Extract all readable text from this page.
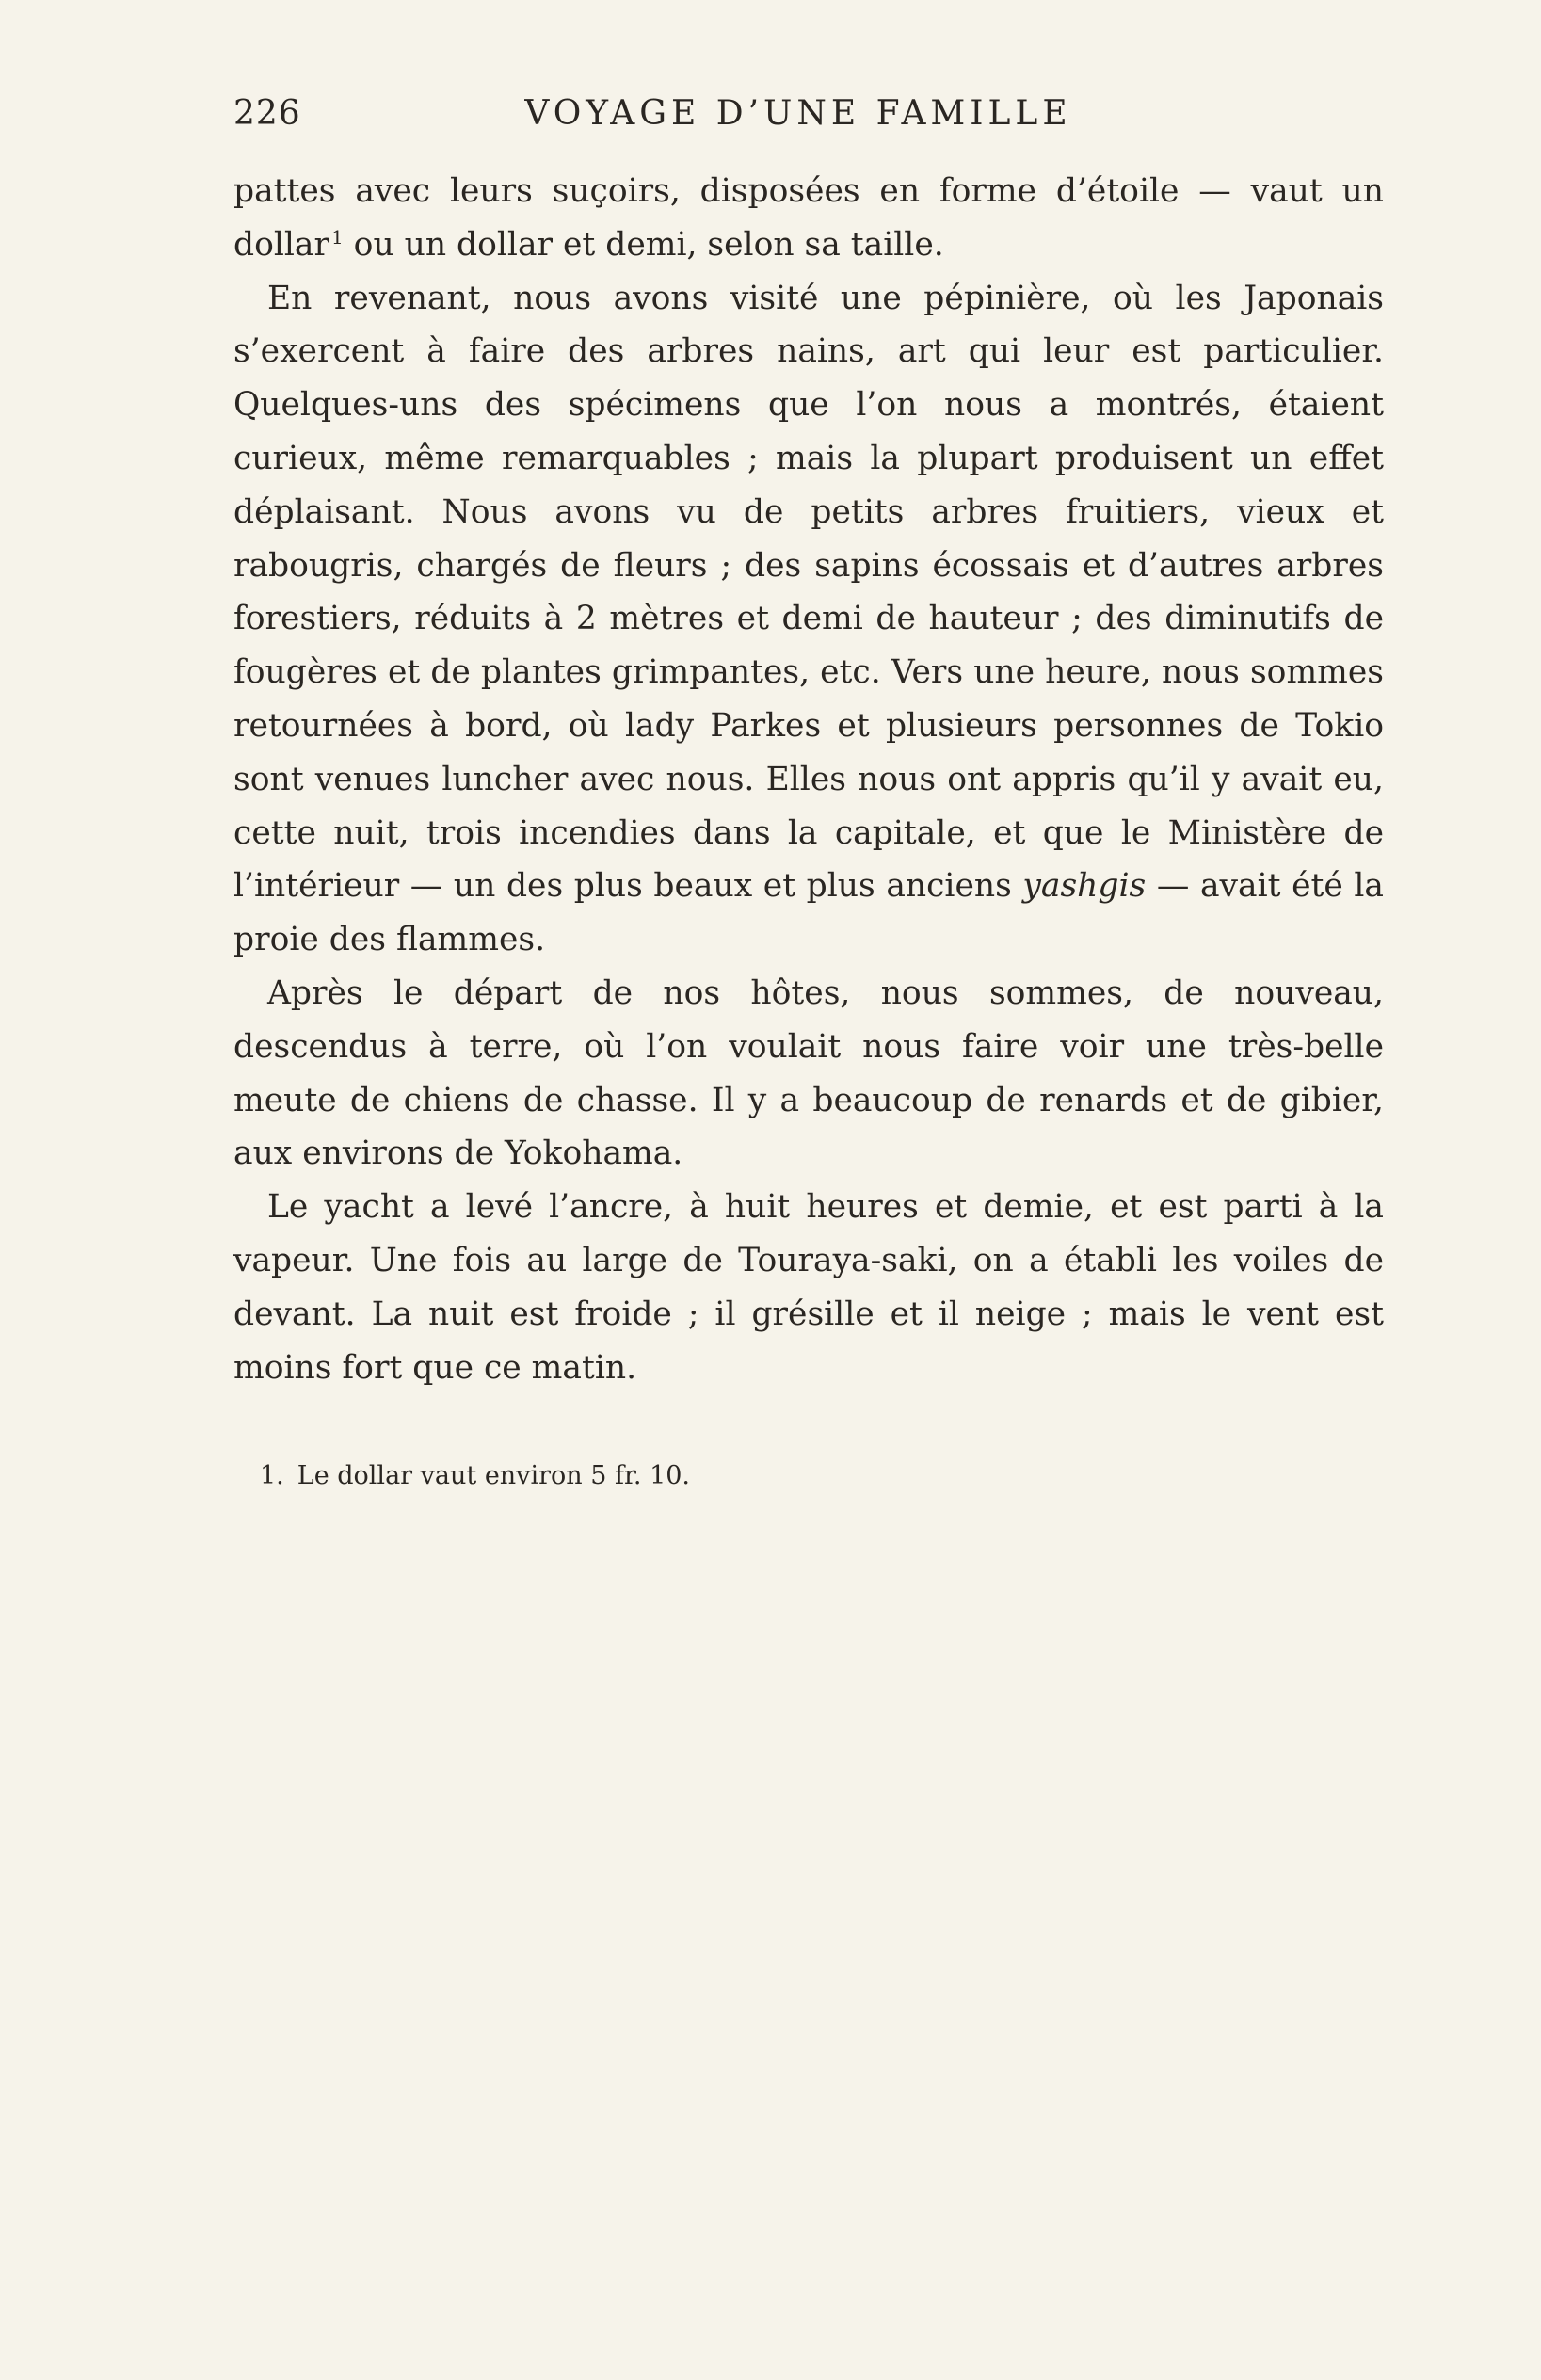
226	VOYAGE D’UNE FAMILLE

pattes avec leurs suçoirs, disposées en forme d’étoile — vaut un dollar $^1$ ou un dollar et demi, selon sa taille.

En revenant, nous avons visité une pépinière, où les Japonais s’exercent à faire des arbres nains, art qui leur est particulier. Quelques-uns des spécimens que l’on nous a montrés, étaient curieux, même remarquables ; mais la plupart produisent un effet déplaisant. Nous avons vu de petits arbres fruitiers, vieux et rabougris, chargés de fleurs ; des sapins écossais et d’autres arbres forestiers, réduits à 2 mètres et demi de hauteur ; des diminutifs de fougères et de plantes grimpantes, etc. Vers une heure, nous sommes retournées à bord, où lady Parkes et plusieurs personnes de Tokio sont venues luncher avec nous. Elles nous ont appris qu’il y avait eu, cette nuit, trois incendies dans la capitale, et que le Ministère de l’intérieur — un des plus beaux et plus anciens yashgis — avait été la proie des flammes.

Après le départ de nos hôtes, nous sommes, de nouveau, descendus à terre, où l’on voulait nous faire voir une très-belle meute de chiens de chasse. Il y a beaucoup de renards et de gibier, aux environs de Yokohama.

Le yacht a levé l’ancre, à huit heures et demie, et est parti à la vapeur. Une fois au large de Touraya-saki, on a établi les voiles de devant. La nuit est froide ; il grésille et il neige ; mais le vent est moins fort que ce matin.

1. Le dollar vaut environ 5 fr. 10.
